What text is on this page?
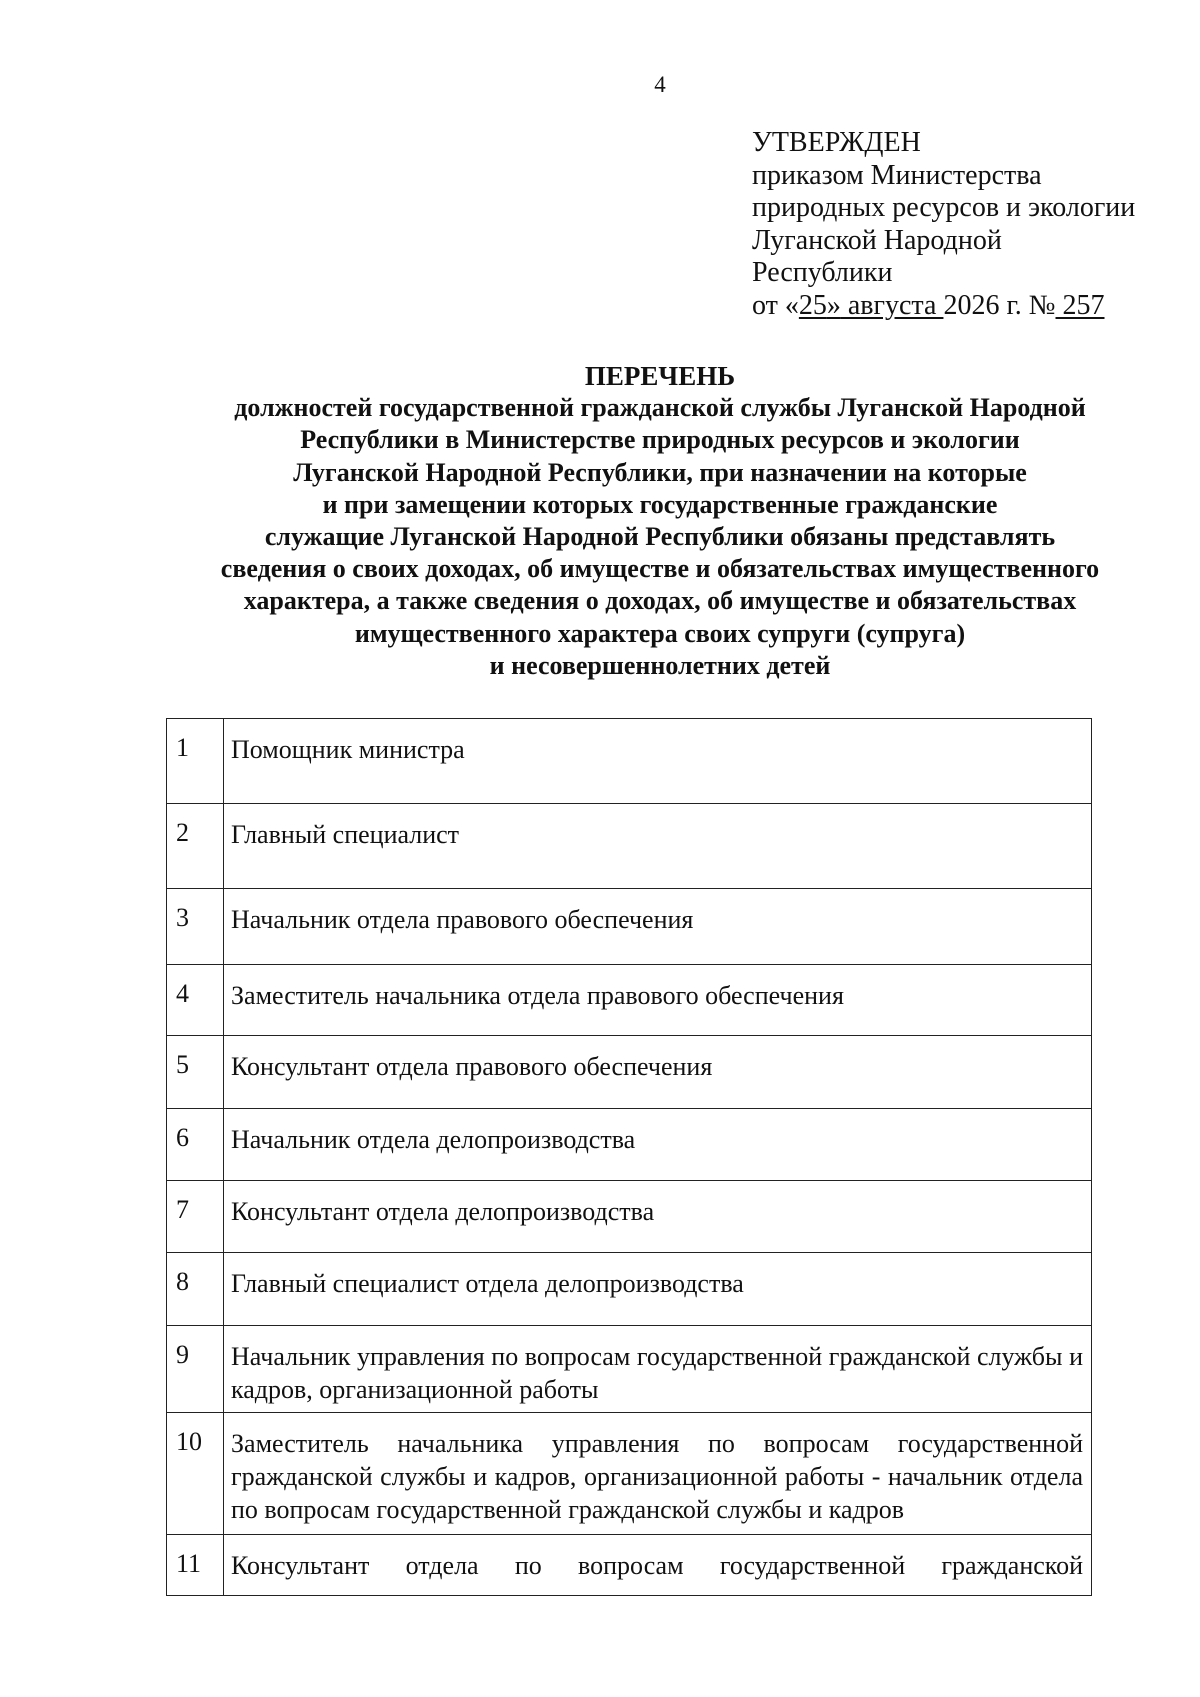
4
УТВЕРЖДЕН
приказом Министерства
природных ресурсов и экологии
Луганской Народной
Республики
от «25» августа 2026 г. № 257
ПЕРЕЧЕНЬ
должностей государственной гражданской службы Луганской Народной
Республики в Министерстве природных ресурсов и экологии
Луганской Народной Республики, при назначении на которые
и при замещении которых государственные гражданские
служащие Луганской Народной Республики обязаны представлять
сведения о своих доходах, об имуществе и обязательствах имущественного
характера, а также сведения о доходах, об имуществе и обязательствах
имущественного характера своих супруги (супруга)
и несовершеннолетних детей
1	Помощник министра
2	Главный специалист
3	Начальник отдела правового обеспечения
4	Заместитель начальника отдела правового обеспечения
5	Консультант отдела правового обеспечения
6	Начальник отдела делопроизводства
7	Консультант отдела делопроизводства
8	Главный специалист отдела делопроизводства
9	Начальник управления по вопросам государственной гражданской службы и кадров, организационной работы
10	Заместитель начальника управления по вопросам государственной гражданской службы и кадров, организационной работы - начальник отдела по вопросам государственной гражданской службы и кадров
11	Консультант отдела по вопросам государственной гражданской
